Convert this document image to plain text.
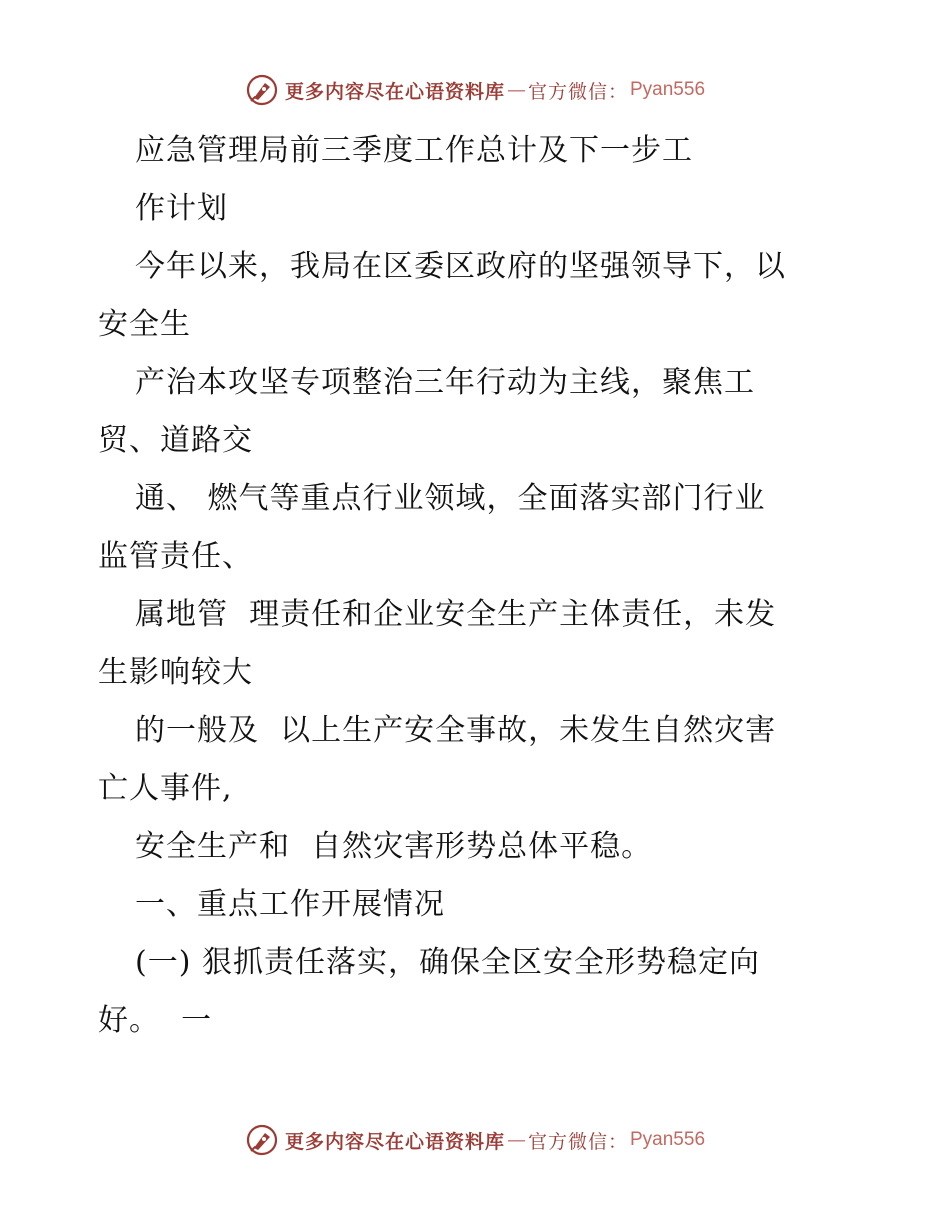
更多内容尽在心语资料库 — 官方微信： Pyan556
应急管理局前三季度工作总计及下一步工
作计划
今年以来，我局在区委区政府的坚强领导下，以
安全生
产治本攻坚专项整治三年行动为主线，聚焦工
贸、道路交
通、 燃气等重点行业领域，全面落实部门行业
监管责任、
属地管  理责任和企业安全生产主体责任，未发
生影响较大
的一般及  以上生产安全事故，未发生自然灾害
亡人事件,
安全生产和  自然灾害形势总体平稳。
一、重点工作开展情况
(一) 狠抓责任落实，确保全区安全形势稳定向
好。  一
更多内容尽在心语资料库 — 官方微信： Pyan556
